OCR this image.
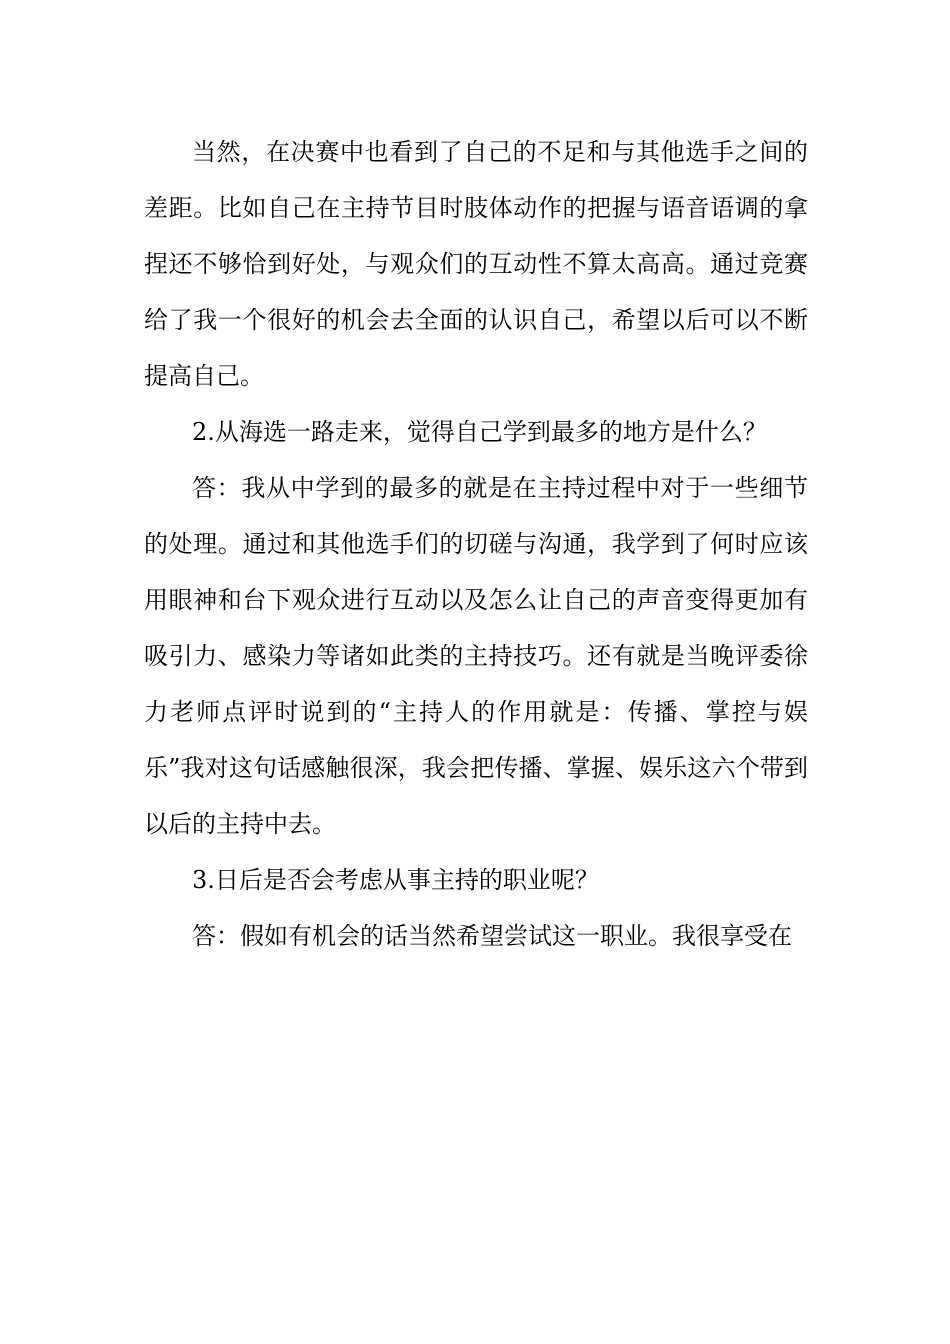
当然，在决赛中也看到了自己的不足和与其他选手之间的差距。比如自己在主持节目时肢体动作的把握与语音语调的拿捏还不够恰到好处，与观众们的互动性不算太高高。通过竞赛给了我一个很好的机会去全面的认识自己，希望以后可以不断提高自己。

2.从海选一路走来，觉得自己学到最多的地方是什么？

答：我从中学到的最多的就是在主持过程中对于一些细节的处理。通过和其他选手们的切磋与沟通，我学到了何时应该用眼神和台下观众进行互动以及怎么让自己的声音变得更加有吸引力、感染力等诸如此类的主持技巧。还有就是当晚评委徐力老师点评时说到的“主持人的作用就是：传播、掌控与娱乐”我对这句话感触很深，我会把传播、掌握、娱乐这六个带到以后的主持中去。

3.日后是否会考虑从事主持的职业呢？

答：假如有机会的话当然希望尝试这一职业。我很享受在
